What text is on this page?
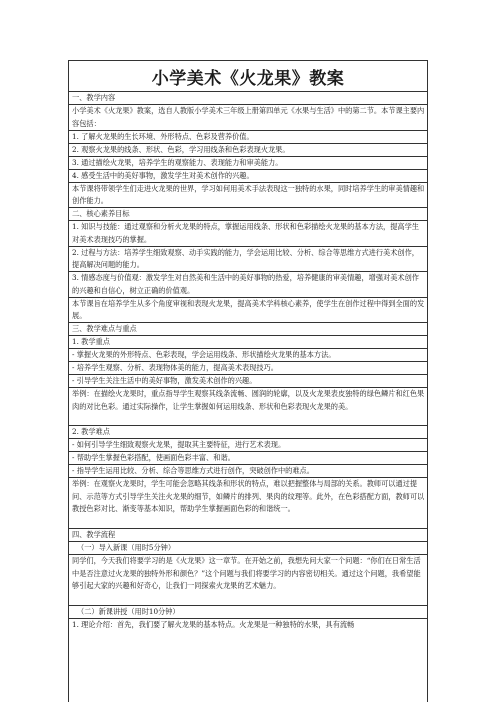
小学美术《火龙果》教案
一、教学内容
小学美术《火龙果》教案，选自人教版小学美术三年级上册第四单元《水果与生活》中的第二节。本节课主要内容包括：
1. 了解火龙果的生长环境、外形特点、色彩及营养价值。
2. 观察火龙果的线条、形状、色彩，学习用线条和色彩表现火龙果。
3. 通过描绘火龙果，培养学生的观察能力、表现能力和审美能力。
4. 感受生活中的美好事物，激发学生对美术创作的兴趣。
本节课将带领学生们走进火龙果的世界，学习如何用美术手法表现这一独特的水果，同时培养学生的审美情趣和创作能力。
二、核心素养目标
1. 知识与技能：通过观察和分析火龙果的特点，掌握运用线条、形状和色彩描绘火龙果的基本方法，提高学生对美术表现技巧的掌握。
2. 过程与方法：培养学生细致观察、动手实践的能力，学会运用比较、分析、综合等思维方式进行美术创作，提高解决问题的能力。
3. 情感态度与价值观：激发学生对自然美和生活中的美好事物的热爱，培养健康的审美情趣，增强对美术创作的兴趣和自信心，树立正确的价值观。
本节课旨在培养学生从多个角度审视和表现火龙果，提高美术学科核心素养，使学生在创作过程中得到全面的发展。
三、教学难点与重点
1. 教学重点
- 掌握火龙果的外形特点、色彩表现，学会运用线条、形状描绘火龙果的基本方法。
- 培养学生观察、分析、表现物体美的能力，提高美术表现技巧。
- 引导学生关注生活中的美好事物，激发美术创作的兴趣。
举例：在描绘火龙果时，重点指导学生观察其线条流畅、圆润的轮廓，以及火龙果表皮独特的绿色鳞片和红色果肉的对比色彩。通过实际操作，让学生掌握如何运用线条、形状和色彩表现火龙果的美。
2. 教学难点
- 如何引导学生细致观察火龙果，提取其主要特征，进行艺术表现。
- 帮助学生掌握色彩搭配，使画面色彩丰富、和谐。
- 指导学生运用比较、分析、综合等思维方式进行创作，突破创作中的难点。
举例：在观察火龙果时，学生可能会忽略其线条和形状的特点，难以把握整体与局部的关系。教师可以通过提问、示范等方式引导学生关注火龙果的细节，如鳞片的排列、果肉的纹理等。此外，在色彩搭配方面，教师可以教授色彩对比、渐变等基本知识，帮助学生掌握画面色彩的和谐统一。
四、教学流程
（一）导入新课（用时5分钟）
同学们，今天我们将要学习的是《火龙果》这一章节。在开始之前，我想先问大家一个问题：“你们在日常生活中是否注意过火龙果的独特外形和颜色？”这个问题与我们将要学习的内容密切相关。通过这个问题，我希望能够引起大家的兴趣和好奇心，让我们一同探索火龙果的艺术魅力。
（二）新课讲授（用时10分钟）
1. 理论介绍：首先，我们要了解火龙果的基本特点。火龙果是一种独特的水果，具有流畅
